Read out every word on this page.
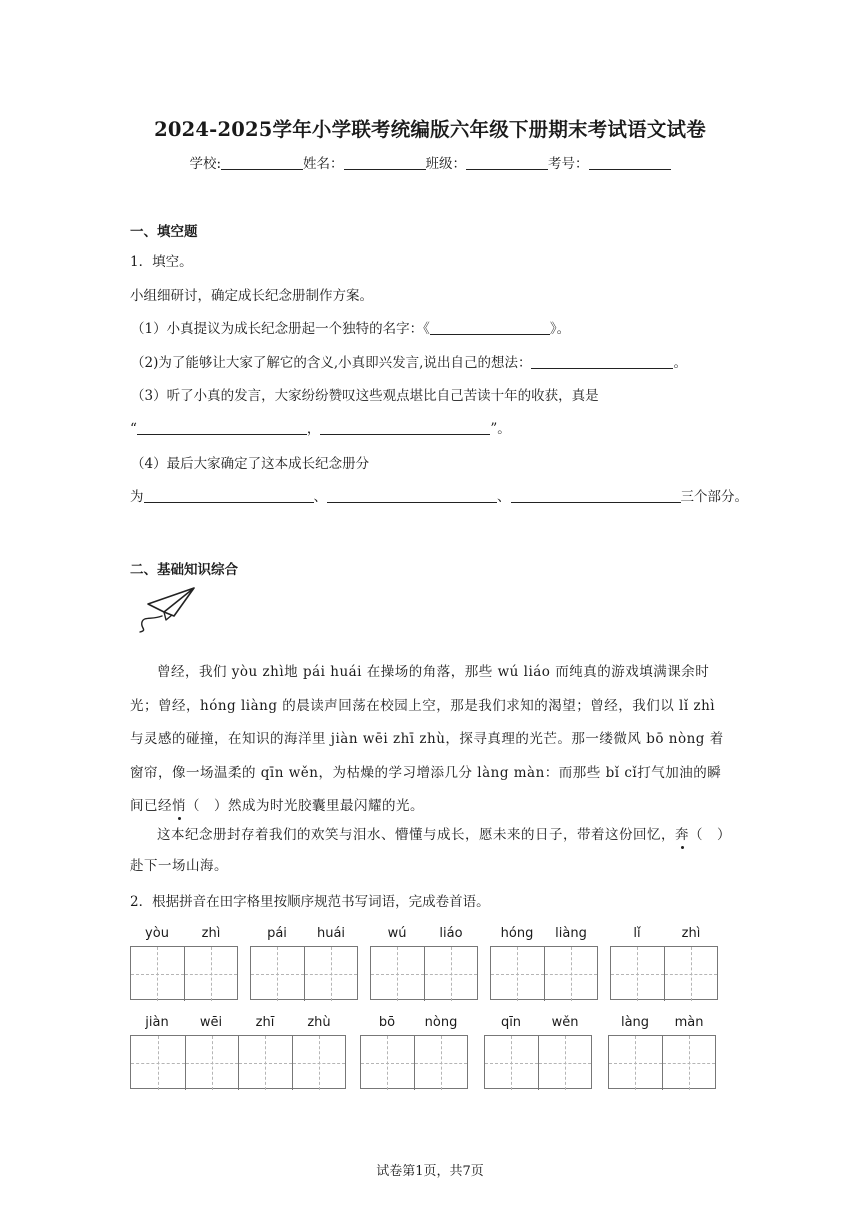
2024-2025学年小学联考统编版六年级下册期末考试语文试卷
学校:	姓名：	班级：	考号：
一、填空题
1．填空。
小组细研讨，确定成长纪念册制作方案。
（1）小真提议为成长纪念册起一个独特的名字：《	》。
（2)为了能够让大家了解它的含义,小真即兴发言,说出自己的想法：	。
（3）听了小真的发言，大家纷纷赞叹这些观点堪比自己苦读十年的收获，真是
“	，	”。
（4）最后大家确定了这本成长纪念册分
为	、	、	三个部分。
二、基础知识综合

曾经，我们 yòu zhì地 pái huái 在操场的角落，那些 wú liáo 而纯真的游戏填满课余时光；曾经，hóng liàng 的晨读声回荡在校园上空，那是我们求知的渴望；曾经，我们以 lǐ zhì 与灵感的碰撞，在知识的海洋里 jiàn wēi zhī zhù，探寻真理的光芒。那一缕微风 bō nòng 着窗帘，像一场温柔的 qīn wěn，为枯燥的学习增添几分 làng màn：而那些 bǐ cǐ打气加油的瞬间已经悄（　）然成为时光胶囊里最闪耀的光。

这本纪念册封存着我们的欢笑与泪水、懵懂与成长，愿未来的日子，带着这份回忆，奔（　）赴下一场山海。

2．根据拼音在田字格里按顺序规范书写词语，完成卷首语。
yòu	zhì	pái	huái	wú	liáo	hóng	liàng	lǐ	zhì
jiàn	wēi	zhī	zhù	bō	nòng	qīn	wěn	làng	màn
试卷第1页，共7页
